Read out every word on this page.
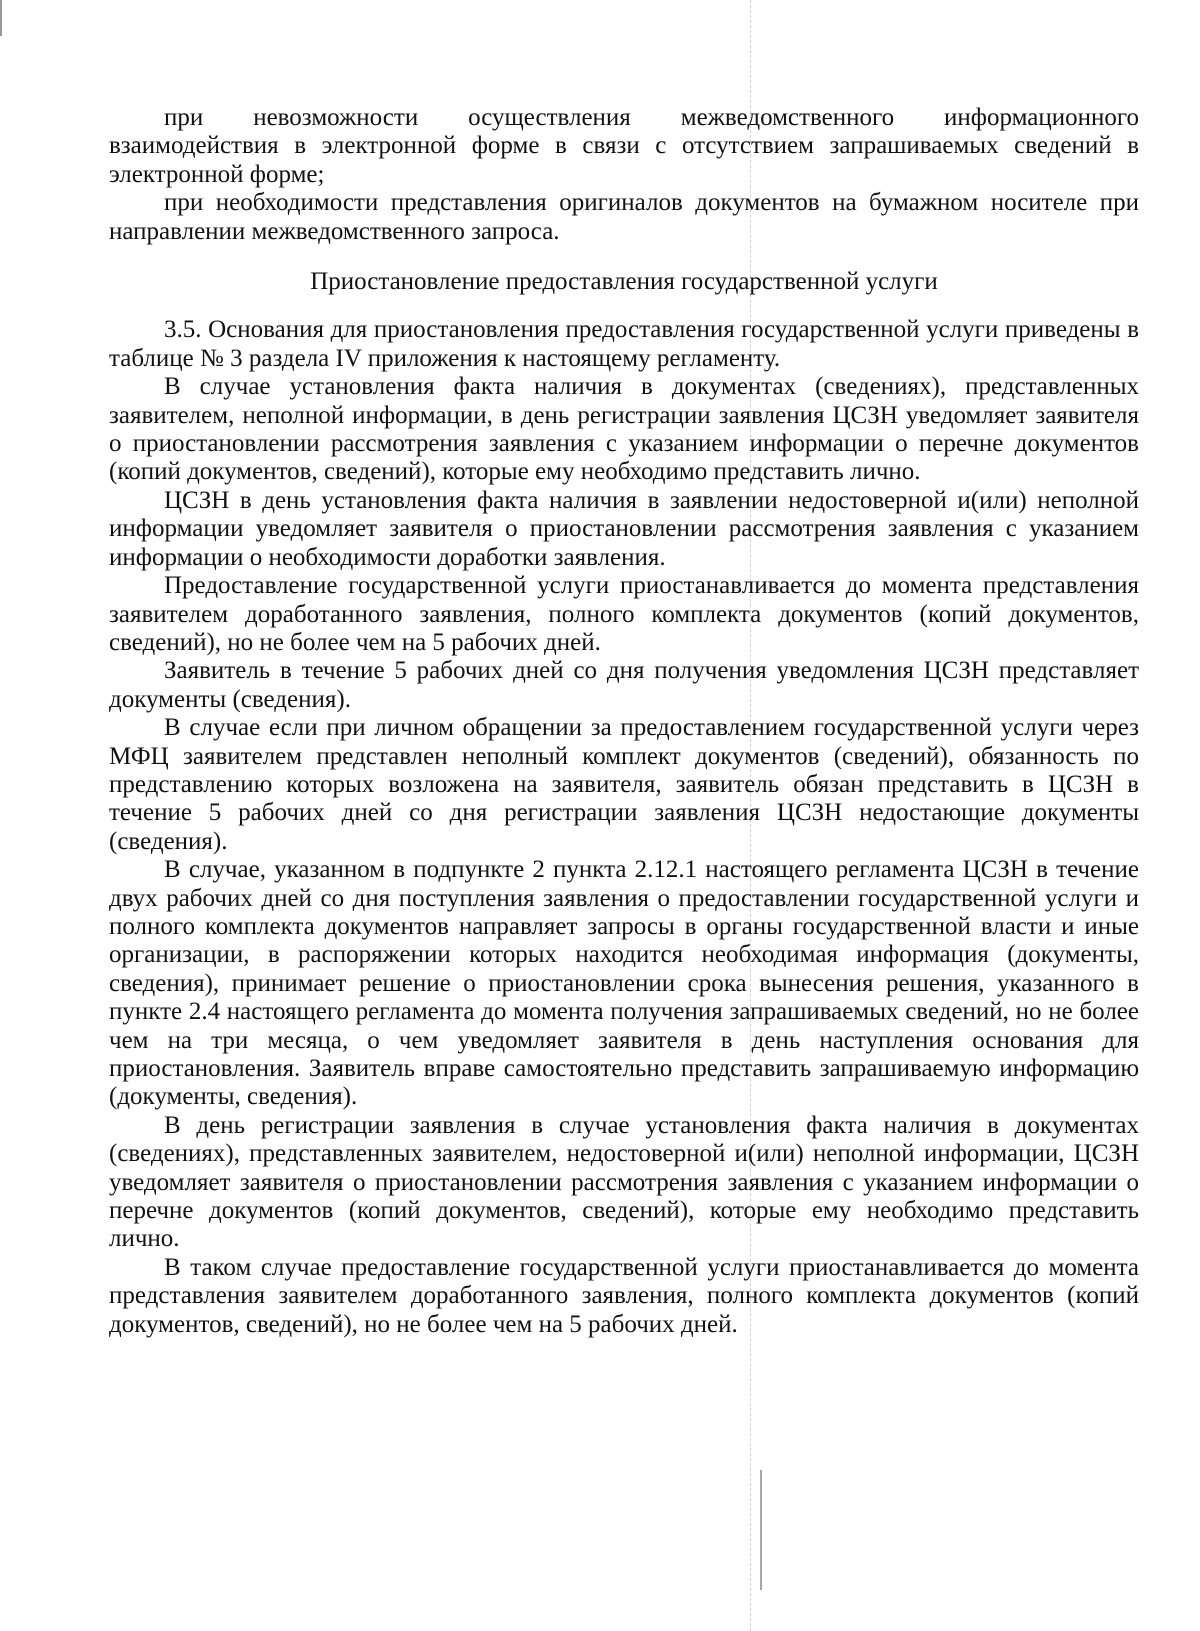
при невозможности осуществления межведомственного информационного взаимодействия в электронной форме в связи с отсутствием запрашиваемых сведений в электронной форме;

при необходимости представления оригиналов документов на бумажном носителе при направлении межведомственного запроса.

Приостановление предоставления государственной услуги

3.5. Основания для приостановления предоставления государственной услуги приведены в таблице № 3 раздела IV приложения к настоящему регламенту.

В случае установления факта наличия в документах (сведениях), представленных заявителем, неполной информации, в день регистрации заявления ЦСЗН уведомляет заявителя о приостановлении рассмотрения заявления с указанием информации о перечне документов (копий документов, сведений), которые ему необходимо представить лично.

ЦСЗН в день установления факта наличия в заявлении недостоверной и(или) неполной информации уведомляет заявителя о приостановлении рассмотрения заявления с указанием информации о необходимости доработки заявления.

Предоставление государственной услуги приостанавливается до момента представления заявителем доработанного заявления, полного комплекта документов (копий документов, сведений), но не более чем на 5 рабочих дней.

Заявитель в течение 5 рабочих дней со дня получения уведомления ЦСЗН представляет документы (сведения).

В случае если при личном обращении за предоставлением государственной услуги через МФЦ заявителем представлен неполный комплект документов (сведений), обязанность по представлению которых возложена на заявителя, заявитель обязан представить в ЦСЗН в течение 5 рабочих дней со дня регистрации заявления ЦСЗН недостающие документы (сведения).

В случае, указанном в подпункте 2 пункта 2.12.1 настоящего регламента ЦСЗН в течение двух рабочих дней со дня поступления заявления о предоставлении государственной услуги и полного комплекта документов направляет запросы в органы государственной власти и иные организации, в распоряжении которых находится необходимая информация (документы, сведения), принимает решение о приостановлении срока вынесения решения, указанного в пункте 2.4 настоящего регламента до момента получения запрашиваемых сведений, но не более чем на три месяца, о чем уведомляет заявителя в день наступления основания для приостановления. Заявитель вправе самостоятельно представить запрашиваемую информацию (документы, сведения).

В день регистрации заявления в случае установления факта наличия в документах (сведениях), представленных заявителем, недостоверной и(или) неполной информации, ЦСЗН уведомляет заявителя о приостановлении рассмотрения заявления с указанием информации о перечне документов (копий документов, сведений), которые ему необходимо представить лично.

В таком случае предоставление государственной услуги приостанавливается до момента представления заявителем доработанного заявления, полного комплекта документов (копий документов, сведений), но не более чем на 5 рабочих дней.
